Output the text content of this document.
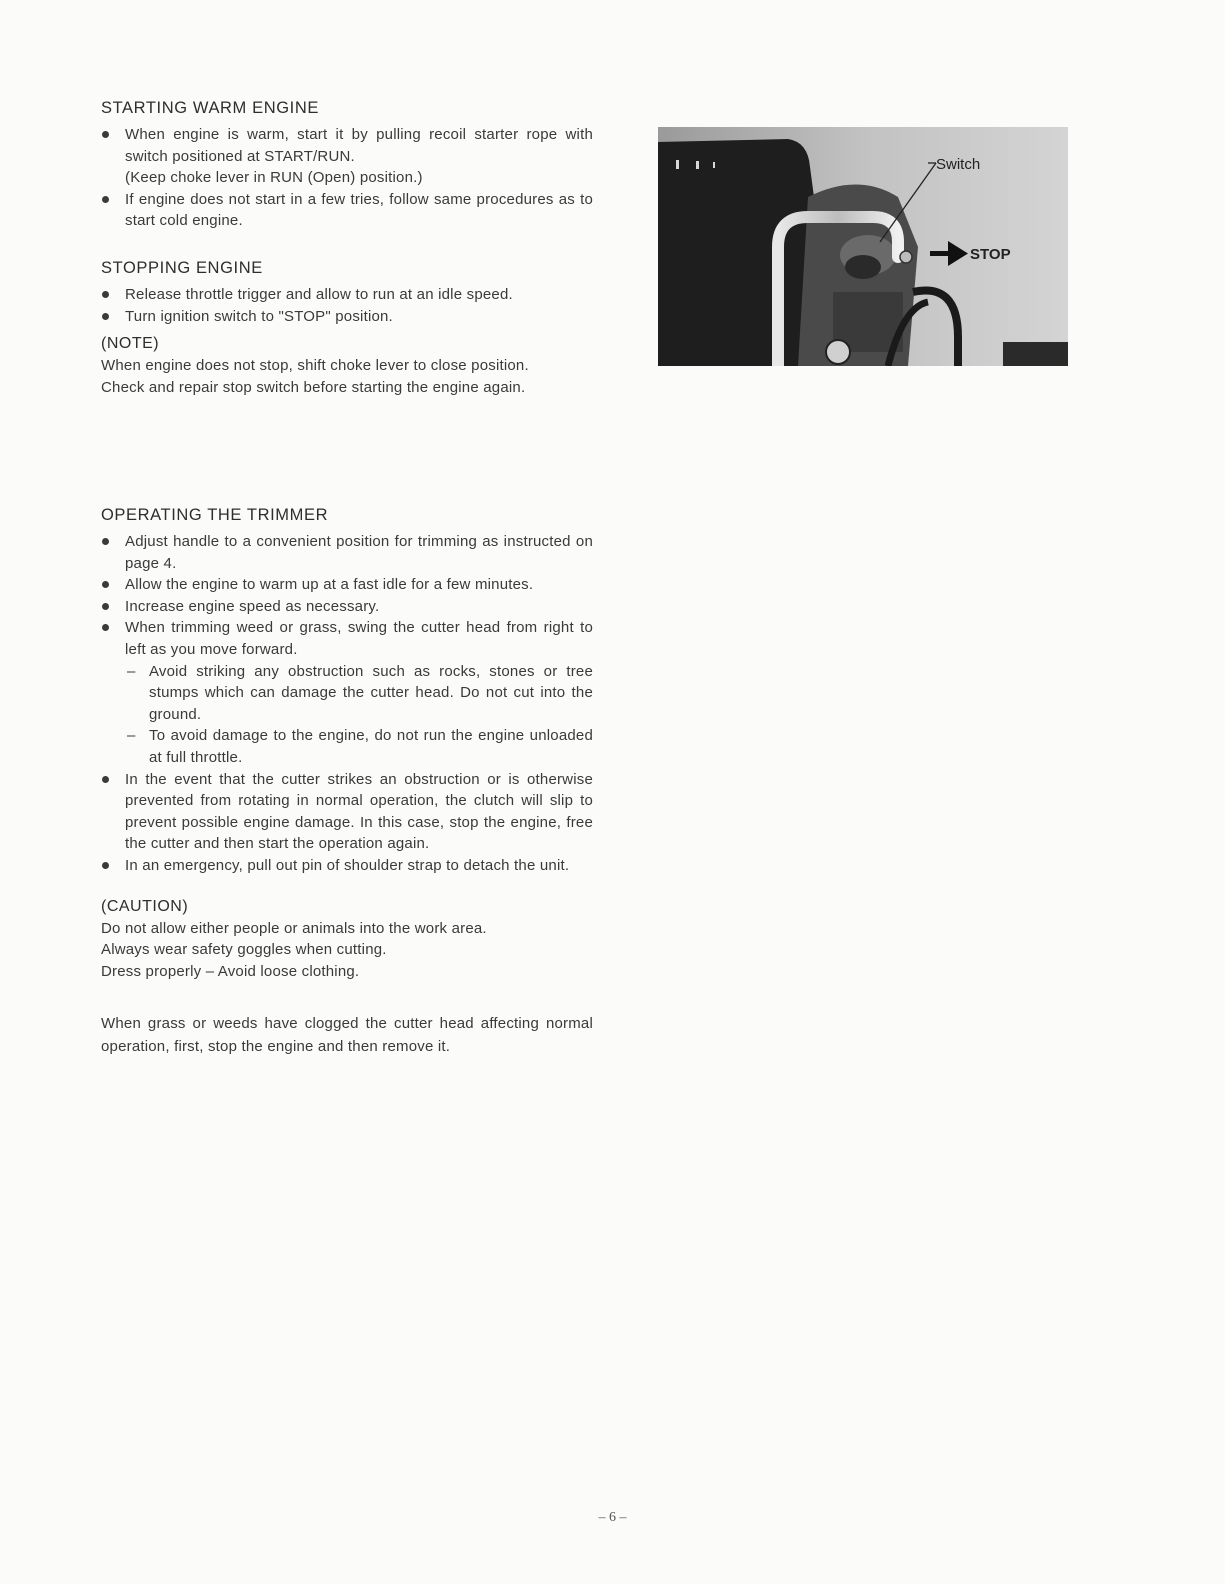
STARTING WARM ENGINE
When engine is warm, start it by pulling recoil starter rope with switch positioned at START/RUN.
(Keep choke lever in RUN (Open) position.)
If engine does not start in a few tries, follow same procedures as to start cold engine.
STOPPING ENGINE
Release throttle trigger and allow to run at an idle speed.
Turn ignition switch to "STOP" position.
(NOTE)

When engine does not stop, shift choke lever to close position.

Check and repair stop switch before starting the engine again.

Switch
STOP
OPERATING THE TRIMMER
Adjust handle to a convenient position for trimming as instructed on page 4.
Allow the engine to warm up at a fast idle for a few minutes.
Increase engine speed as necessary.
When trimming weed or grass, swing the cutter head from right to left as you move forward.
– Avoid striking any obstruction such as rocks, stones or tree stumps which can damage the cutter head. Do not cut into the ground.
– To avoid damage to the engine, do not run the engine unloaded at full throttle.
In the event that the cutter strikes an obstruction or is otherwise prevented from rotating in normal operation, the clutch will slip to prevent possible engine damage. In this case, stop the engine, free the cutter and then start the operation again.
In an emergency, pull out pin of shoulder strap to detach the unit.
(CAUTION)

Do not allow either people or animals into the work area.

Always wear safety goggles when cutting.

Dress properly – Avoid loose clothing.

When grass or weeds have clogged the cutter head affecting normal operation, first, stop the engine and then remove it.

– 6 –
